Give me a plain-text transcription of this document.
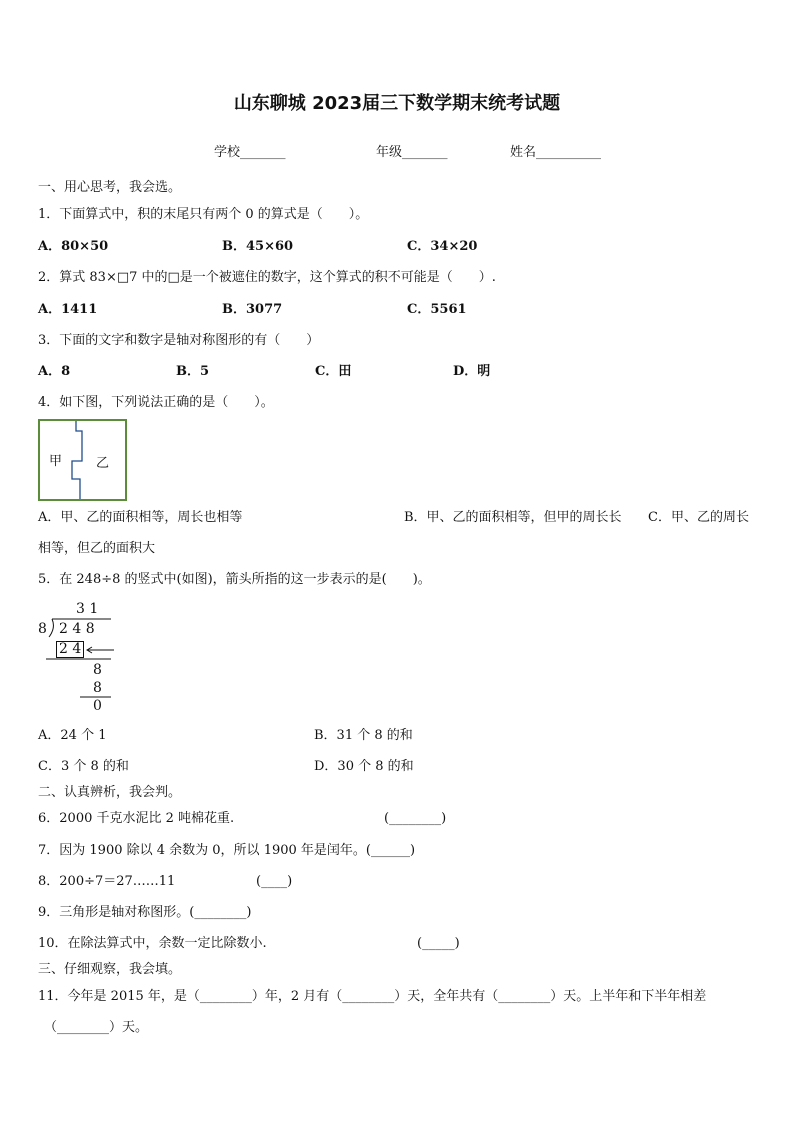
山东聊城 2023届三下数学期末统考试题
学校_______	年级_______	姓名__________
一、用心思考，我会选。
1．下面算式中，积的末尾只有两个 0 的算式是（　　）。
A．80×50	B．45×60	C．34×20
2．算式 83×□7 中的□是一个被遮住的数字，这个算式的积不可能是（　　）.
A．1411	B．3077	C．5561
3．下面的文字和数字是轴对称图形的有（　　）
A．8	B．5	C．田	D．明
4．如下图，下列说法正确的是（　　）。
甲	乙
A．甲、乙的面积相等，周长也相等	B．甲、乙的面积相等，但甲的周长长 C．甲、乙的周长
相等，但乙的面积大
5．在 248÷8 的竖式中(如图)，箭头所指的这一步表示的是(　　)。
3 1
8 2 4 8
2 4
8
8
0
A．24 个 1	B．31 个 8 的和
C．3 个 8 的和	D．30 个 8 的和
二、认真辨析，我会判。
6．2000 千克水泥比 2 吨棉花重.	(________)
7．因为 1900 除以 4 余数为 0，所以 1900 年是闰年。(______)
8．200÷7＝27……11	(____)
9．三角形是轴对称图形。(________)
10．在除法算式中，余数一定比除数小.	(_____)
三、仔细观察，我会填。
11．今年是 2015 年，是（________）年，2 月有（________）天，全年共有（________）天。上半年和下半年相差
（________）天。
